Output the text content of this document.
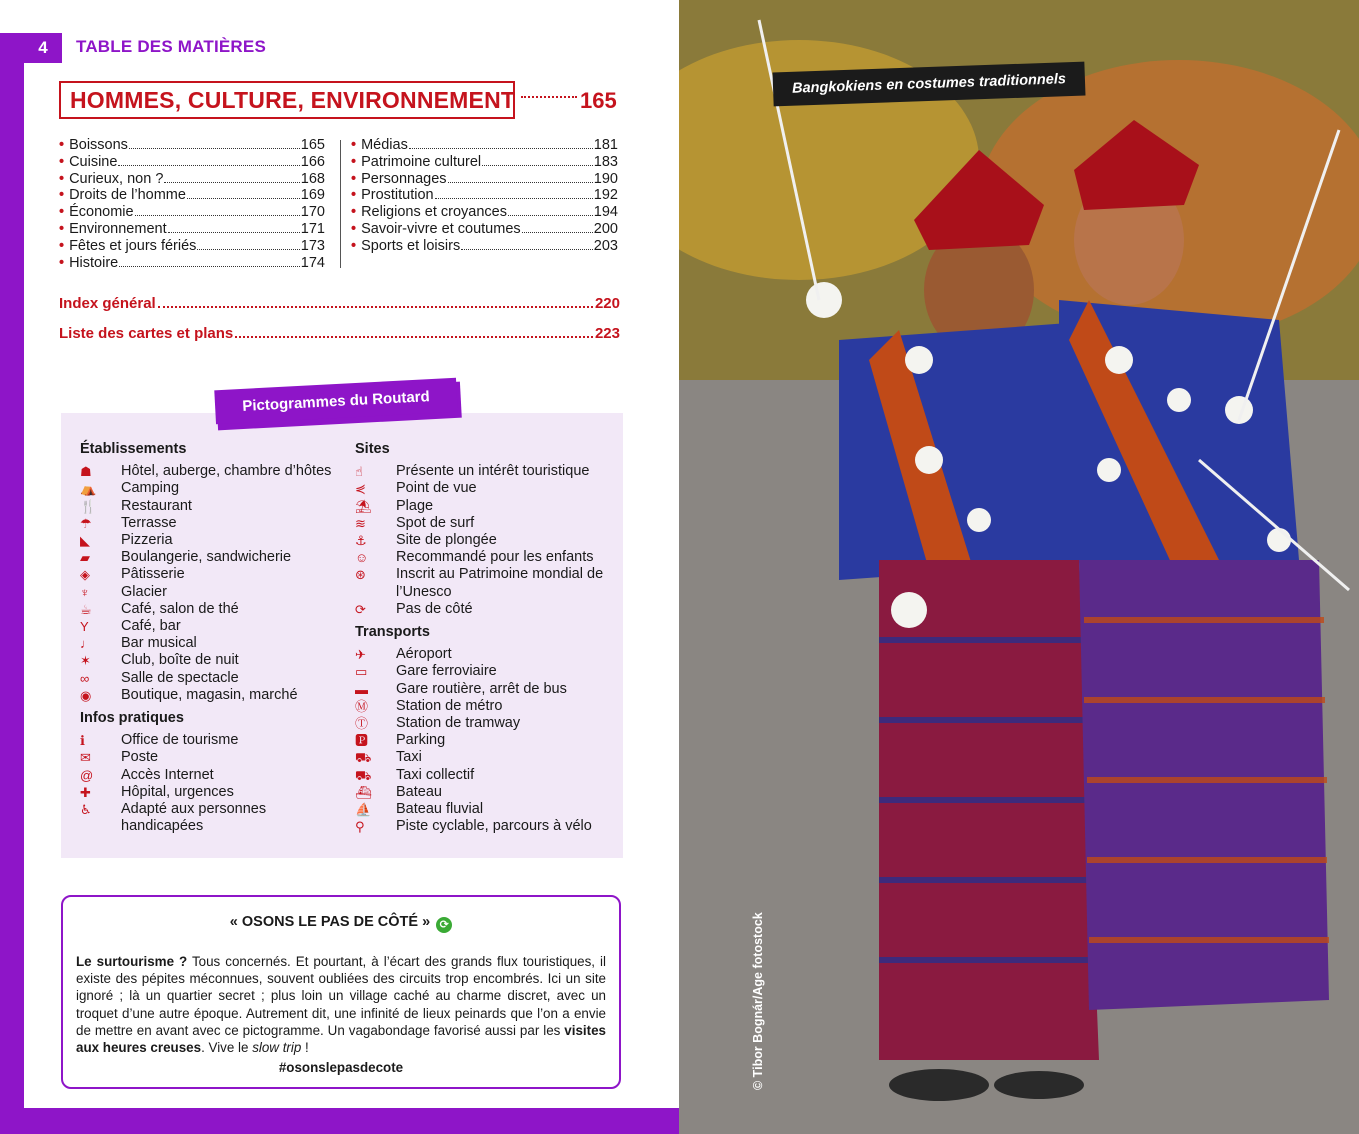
4	TABLE DES MATIÈRES
HOMMES, CULTURE, ENVIRONNEMENT	165
• Boissons	165
• Cuisine	166
• Curieux, non ?	168
• Droits de l’homme	169
• Économie	170
• Environnement	171
• Fêtes et jours fériés	173
• Histoire	174
• Médias	181
• Patrimoine culturel	183
• Personnages	190
• Prostitution	192
• Religions et croyances	194
• Savoir-vivre et coutumes	200
• Sports et loisirs	203
Index général	220
Liste des cartes et plans	223
Pictogrammes du Routard
Établissements
☗	Hôtel, auberge, chambre d’hôtes
⛺	Camping
🍴	Restaurant
☂	Terrasse
◣	Pizzeria
▰	Boulangerie, sandwicherie
◈	Pâtisserie
♆	Glacier
☕	Café, salon de thé
Y	Café, bar
♩	Bar musical
✶	Club, boîte de nuit
∞	Salle de spectacle
◉	Boutique, magasin, marché
Infos pratiques
ℹ	Office de tourisme
✉	Poste
@	Accès Internet
✚	Hôpital, urgences
♿	Adapté aux personnes handicapées
Sites
☝	Présente un intérêt touristique
⋞	Point de vue
⛱	Plage
≋	Spot de surf
⚓	Site de plongée
☺	Recommandé pour les enfants
⊛	Inscrit au Patrimoine mondial de l’Unesco
⟳	Pas de côté
Transports
✈	Aéroport
▭	Gare ferroviaire
▬	Gare routière, arrêt de bus
Ⓜ	Station de métro
Ⓣ	Station de tramway
🅿	Parking
⛟	Taxi
⛟	Taxi collectif
⛴	Bateau
⛵	Bateau fluvial
⚲	Piste cyclable, parcours à vélo
« OSONS LE PAS DE CÔTÉ » ⟳
Le surtourisme ? Tous concernés. Et pourtant, à l’écart des grands flux touristiques, il existe des pépites méconnues, souvent oubliées des circuits trop encombrés. Ici un site ignoré ; là un quartier secret ; plus loin un village caché au charme discret, avec un troquet d’une autre époque. Autrement dit, une infinité de lieux peinards que l’on a envie de mettre en avant avec ce pictogramme. Un vagabondage favorisé aussi par les visites aux heures creuses. Vive le slow trip !
#osonslepasdecote
Bangkokiens en costumes traditionnels
© Tibor Bognár/Age fotostock
